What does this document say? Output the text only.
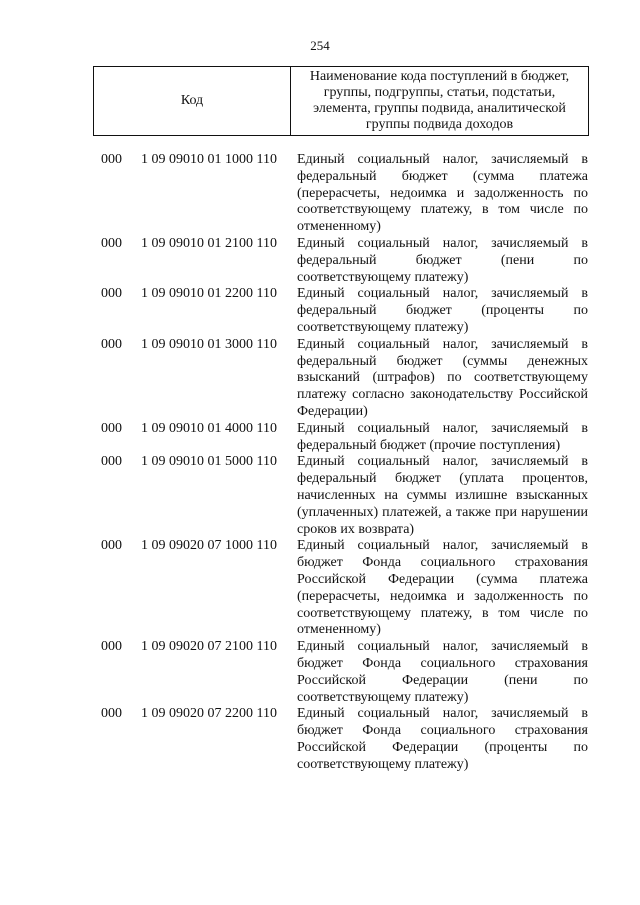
254
Код
Наименование кода поступлений в бюджет, группы, подгруппы, статьи, подстатьи, элемента, группы подвида, аналитической группы подвида доходов
000 1 09 09010 01 1000 110 Единый социальный налог, зачисляемый в федеральный бюджет (сумма платежа (перерасчеты, недоимка и задолженность по соответствующему платежу, в том числе по отмененному)
000 1 09 09010 01 2100 110 Единый социальный налог, зачисляемый в федеральный бюджет (пени по соответствующему платежу)
000 1 09 09010 01 2200 110 Единый социальный налог, зачисляемый в федеральный бюджет (проценты по соответствующему платежу)
000 1 09 09010 01 3000 110 Единый социальный налог, зачисляемый в федеральный бюджет (суммы денежных взысканий (штрафов) по соответствующему платежу согласно законодательству Российской Федерации)
000 1 09 09010 01 4000 110 Единый социальный налог, зачисляемый в федеральный бюджет (прочие поступления)
000 1 09 09010 01 5000 110 Единый социальный налог, зачисляемый в федеральный бюджет (уплата процентов, начисленных на суммы излишне взысканных (уплаченных) платежей, а также при нарушении сроков их возврата)
000 1 09 09020 07 1000 110 Единый социальный налог, зачисляемый в бюджет Фонда социального страхования Российской Федерации (сумма платежа (перерасчеты, недоимка и задолженность по соответствующему платежу, в том числе по отмененному)
000 1 09 09020 07 2100 110 Единый социальный налог, зачисляемый в бюджет Фонда социального страхования Российской Федерации (пени по соответствующему платежу)
000 1 09 09020 07 2200 110 Единый социальный налог, зачисляемый в бюджет Фонда социального страхования Российской Федерации (проценты по соответствующему платежу)
